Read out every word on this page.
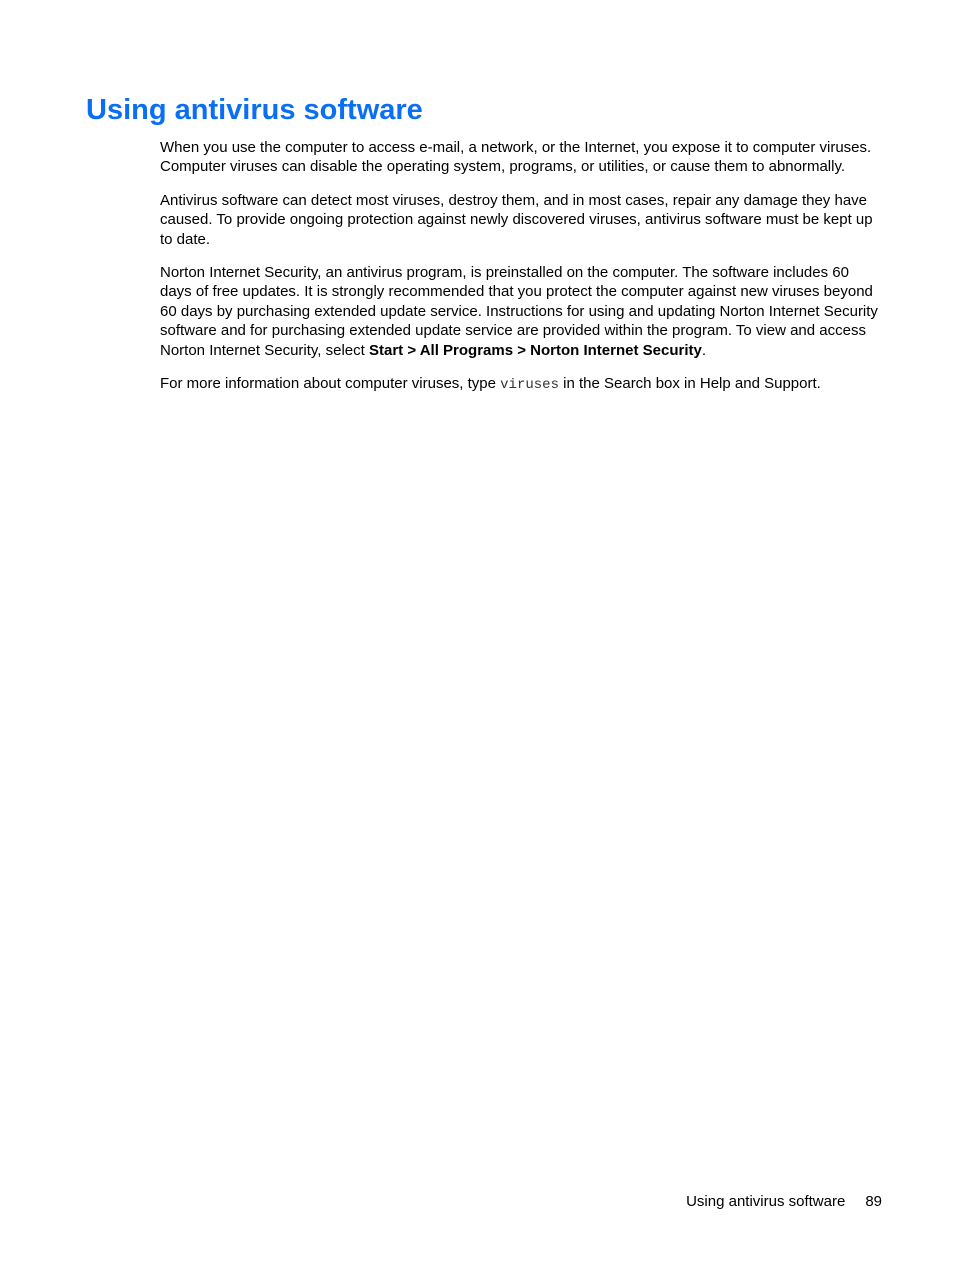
Using antivirus software

When you use the computer to access e-mail, a network, or the Internet, you expose it to computer viruses. Computer viruses can disable the operating system, programs, or utilities, or cause them to abnormally.

Antivirus software can detect most viruses, destroy them, and in most cases, repair any damage they have caused. To provide ongoing protection against newly discovered viruses, antivirus software must be kept up to date.

Norton Internet Security, an antivirus program, is preinstalled on the computer. The software includes 60 days of free updates. It is strongly recommended that you protect the computer against new viruses beyond 60 days by purchasing extended update service. Instructions for using and updating Norton Internet Security software and for purchasing extended update service are provided within the program. To view and access Norton Internet Security, select Start > All Programs > Norton Internet Security.

For more information about computer viruses, type viruses in the Search box in Help and Support.

Using antivirus software 89
